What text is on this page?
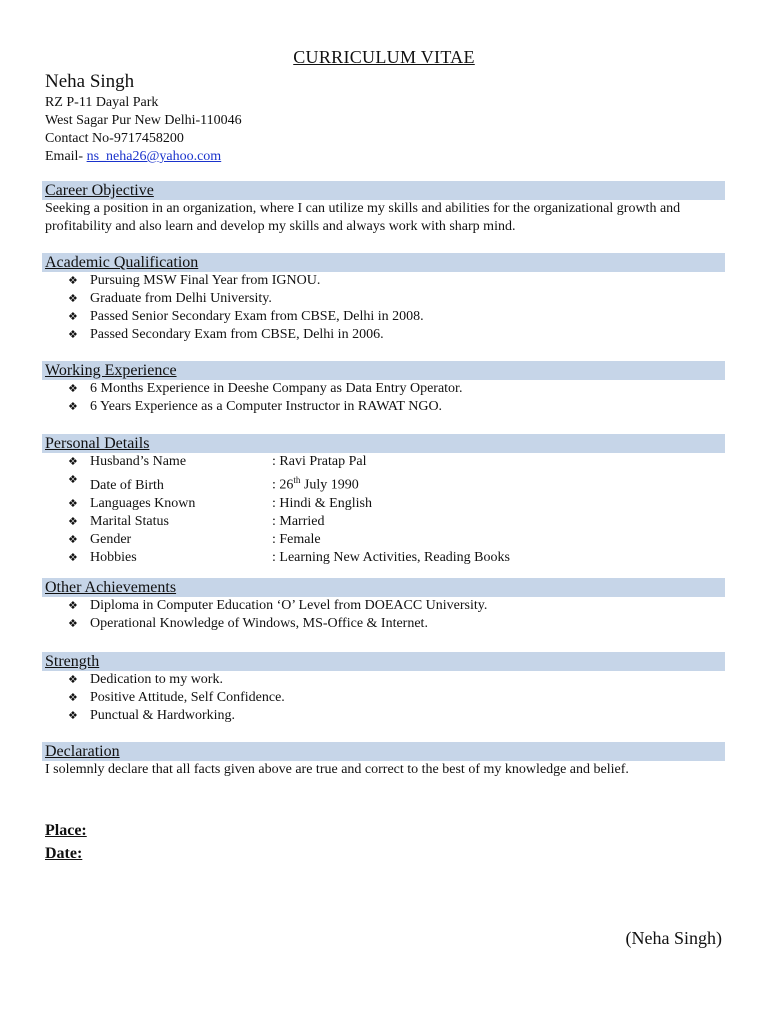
CURRICULUM VITAE
Neha Singh
RZ P-11 Dayal Park
West Sagar Pur New Delhi-110046
Contact No-9717458200
Email- ns_neha26@yahoo.com
Career Objective
Seeking a position in an organization, where I can utilize my skills and abilities for the organizational growth and profitability and also learn and develop my skills and always work with sharp mind.
Academic Qualification
❖ Pursuing MSW Final Year from IGNOU.
❖ Graduate from Delhi University.
❖ Passed Senior Secondary Exam from CBSE, Delhi in 2008.
❖ Passed Secondary Exam from CBSE, Delhi in 2006.
Working Experience
❖ 6 Months Experience in Deeshe Company as Data Entry Operator.
❖ 6 Years Experience as a Computer Instructor in RAWAT NGO.
Personal Details
❖ Husband’s Name	: Ravi Pratap Pal
❖ Date of Birth	: 26th July 1990
❖ Languages Known	: Hindi & English
❖ Marital Status	: Married
❖ Gender	: Female
❖ Hobbies	: Learning New Activities, Reading Books
Other Achievements
❖ Diploma in Computer Education ‘O’ Level from DOEACC University.
❖ Operational Knowledge of Windows, MS-Office & Internet.
Strength
❖ Dedication to my work.
❖ Positive Attitude, Self Confidence.
❖ Punctual & Hardworking.
Declaration
I solemnly declare that all facts given above are true and correct to the best of my knowledge and belief.
Place:
Date:
(Neha Singh)
